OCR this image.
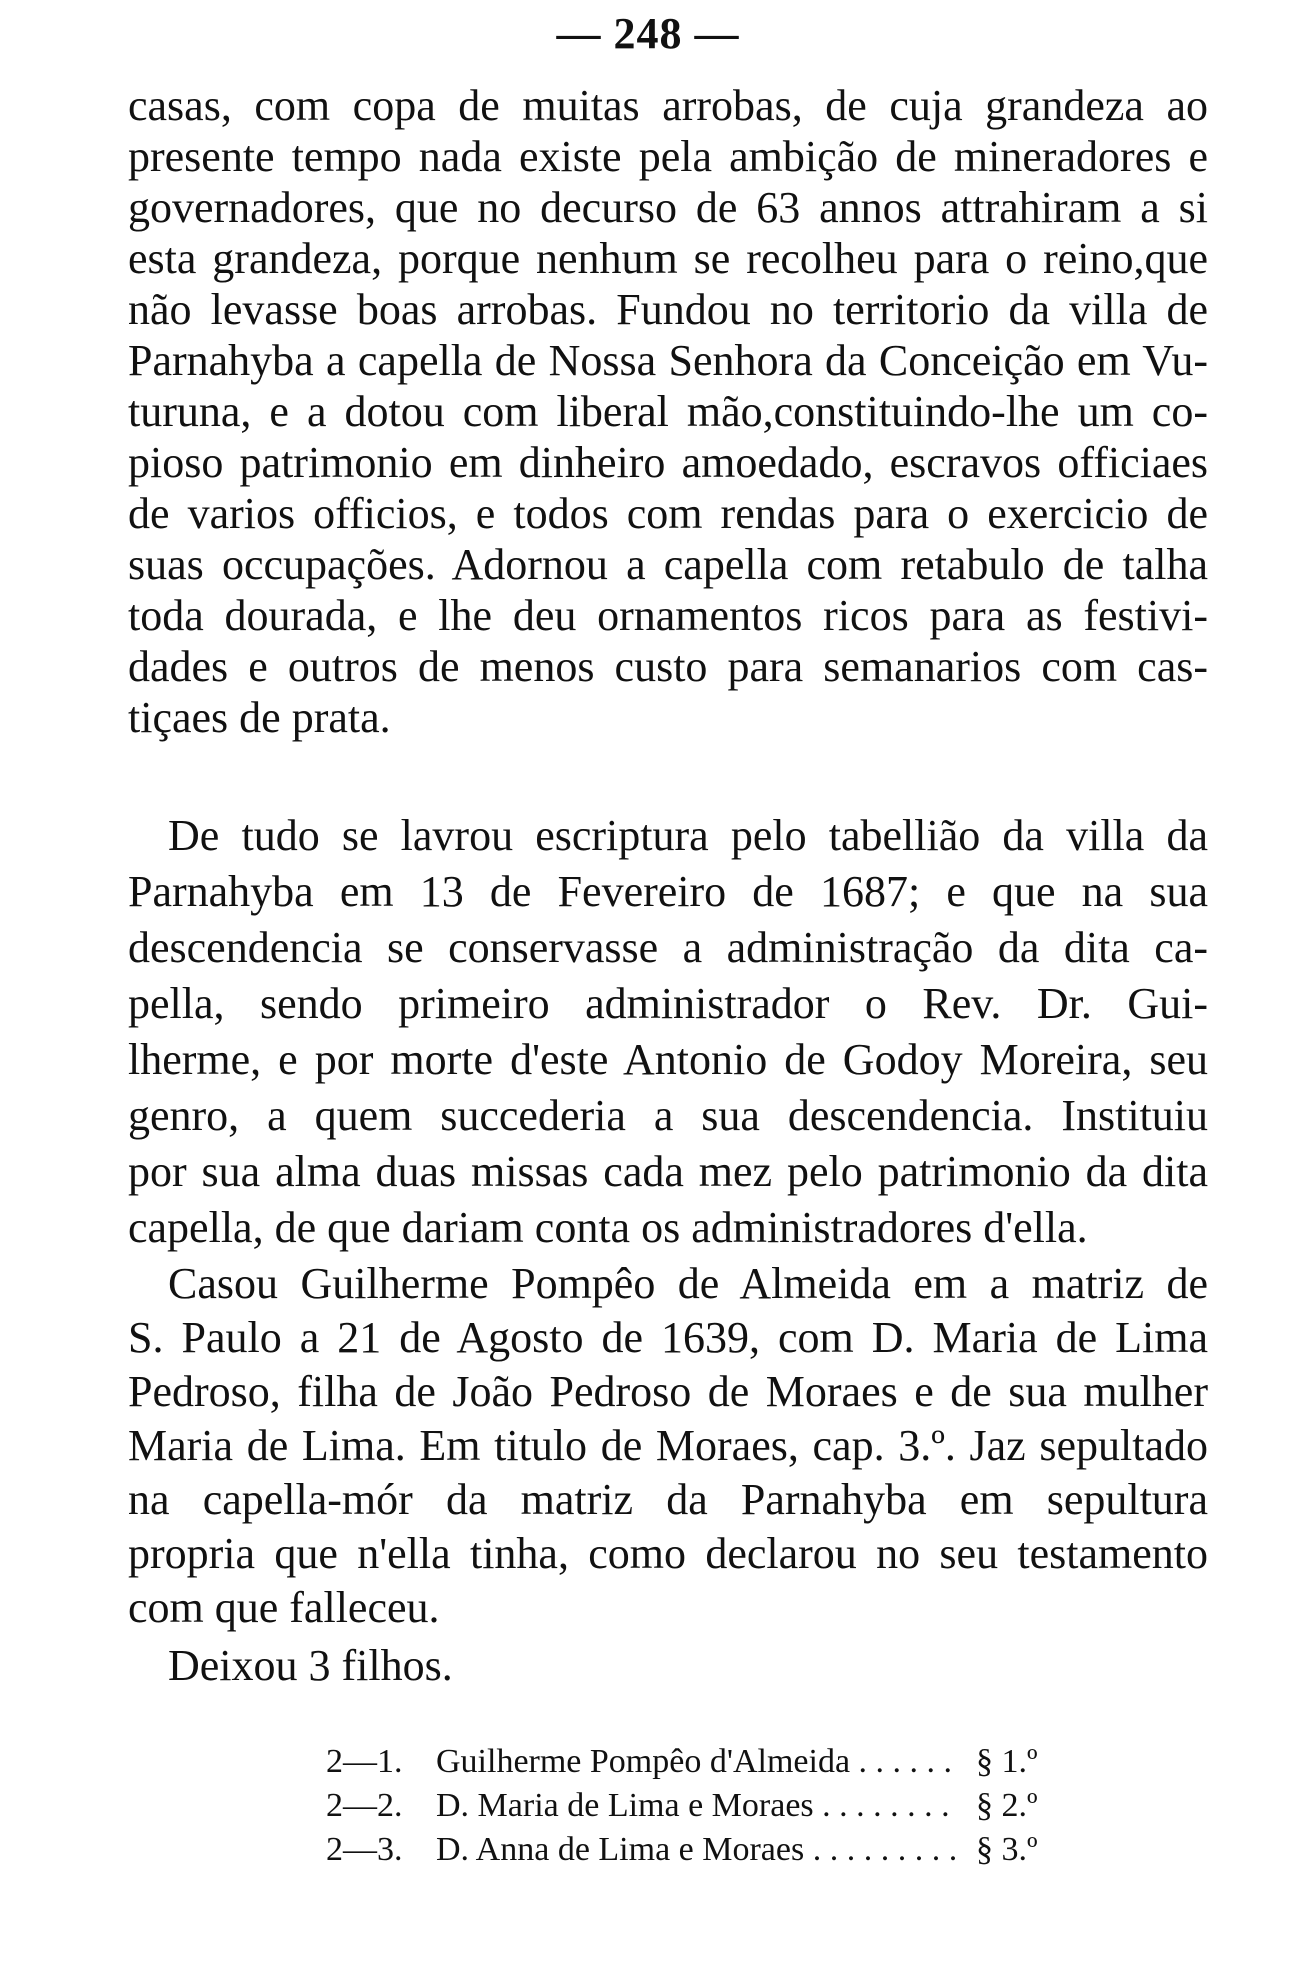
— 248 —
casas, com copa de muitas arrobas, de cuja grandeza ao
presente tempo nada existe pela ambição de mineradores e
governadores, que no decurso de 63 annos attrahiram a si
esta grandeza, porque nenhum se recolheu para o reino,que
não levasse boas arrobas. Fundou no territorio da villa de
Parnahyba a capella de Nossa Senhora da Conceição em Vu-
turuna, e a dotou com liberal mão,constituindo-lhe um co-
pioso patrimonio em dinheiro amoedado, escravos officiaes
de varios officios, e todos com rendas para o exercicio de
suas occupações. Adornou a capella com retabulo de talha
toda dourada, e lhe deu ornamentos ricos para as festivi-
dades e outros de menos custo para semanarios com cas-
tiçaes de prata.
De tudo se lavrou escriptura pelo tabellião da villa da
Parnahyba em 13 de Fevereiro de 1687; e que na sua
descendencia se conservasse a administração da dita ca-
pella, sendo primeiro administrador o Rev. Dr. Gui-
lherme, e por morte d'este Antonio de Godoy Moreira, seu
genro, a quem succederia a sua descendencia. Instituiu
por sua alma duas missas cada mez pelo patrimonio da dita
capella, de que dariam conta os administradores d'ella.
Casou Guilherme Pompêo de Almeida em a matriz de
S. Paulo a 21 de Agosto de 1639, com D. Maria de Lima
Pedroso, filha de João Pedroso de Moraes e de sua mulher
Maria de Lima. Em titulo de Moraes, cap. 3.º. Jaz sepultado
na capella-mór da matriz da Parnahyba em sepultura
propria que n'ella tinha, como declarou no seu testamento
com que falleceu.
Deixou 3 filhos.
2—1. Guilherme Pompêo d'Almeida . . .	§ 1.º
2—2. D. Maria de Lima e Moraes . . .	§ 2.º
2—3. D. Anna de Lima e Moraes . . .	§ 3.º
